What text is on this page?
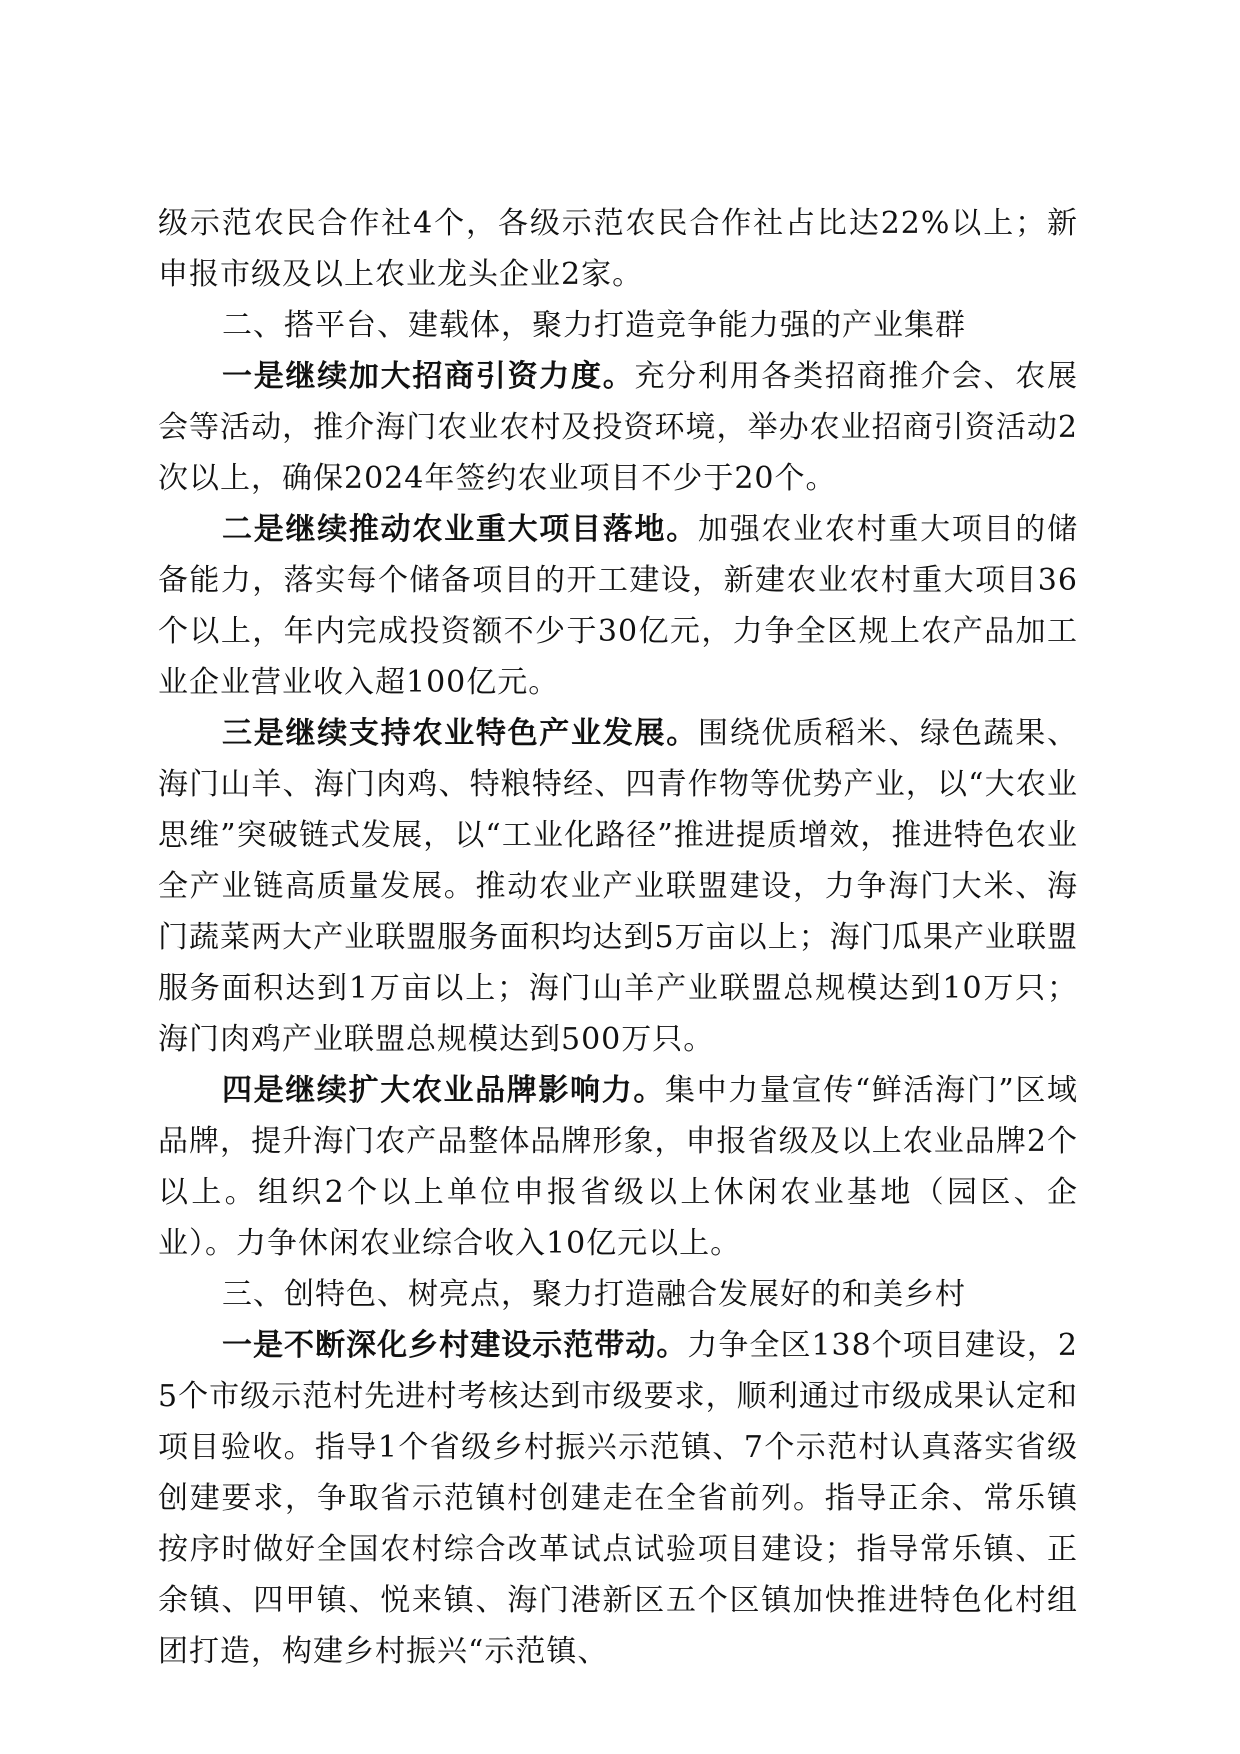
级示范农民合作社4个，各级示范农民合作社占比达22%以上；新申报市级及以上农业龙头企业2家。

二、搭平台、建载体，聚力打造竞争能力强的产业集群

一是继续加大招商引资力度。充分利用各类招商推介会、农展会等活动，推介海门农业农村及投资环境，举办农业招商引资活动2次以上，确保2024年签约农业项目不少于20个。

二是继续推动农业重大项目落地。加强农业农村重大项目的储备能力，落实每个储备项目的开工建设，新建农业农村重大项目36个以上，年内完成投资额不少于30亿元，力争全区规上农产品加工业企业营业收入超100亿元。

三是继续支持农业特色产业发展。围绕优质稻米、绿色蔬果、海门山羊、海门肉鸡、特粮特经、四青作物等优势产业，以“大农业思维”突破链式发展，以“工业化路径”推进提质增效，推进特色农业全产业链高质量发展。推动农业产业联盟建设，力争海门大米、海门蔬菜两大产业联盟服务面积均达到5万亩以上；海门瓜果产业联盟服务面积达到1万亩以上；海门山羊产业联盟总规模达到10万只；海门肉鸡产业联盟总规模达到500万只。

四是继续扩大农业品牌影响力。集中力量宣传“鲜活海门”区域品牌，提升海门农产品整体品牌形象，申报省级及以上农业品牌2个以上。组织2个以上单位申报省级以上休闲农业基地（园区、企业）。力争休闲农业综合收入10亿元以上。

三、创特色、树亮点，聚力打造融合发展好的和美乡村

一是不断深化乡村建设示范带动。力争全区138个项目建设，25个市级示范村先进村考核达到市级要求，顺利通过市级成果认定和项目验收。指导1个省级乡村振兴示范镇、7个示范村认真落实省级创建要求，争取省示范镇村创建走在全省前列。指导正余、常乐镇按序时做好全国农村综合改革试点试验项目建设；指导常乐镇、正余镇、四甲镇、悦来镇、海门港新区五个区镇加快推进特色化村组团打造，构建乡村振兴“示范镇、
